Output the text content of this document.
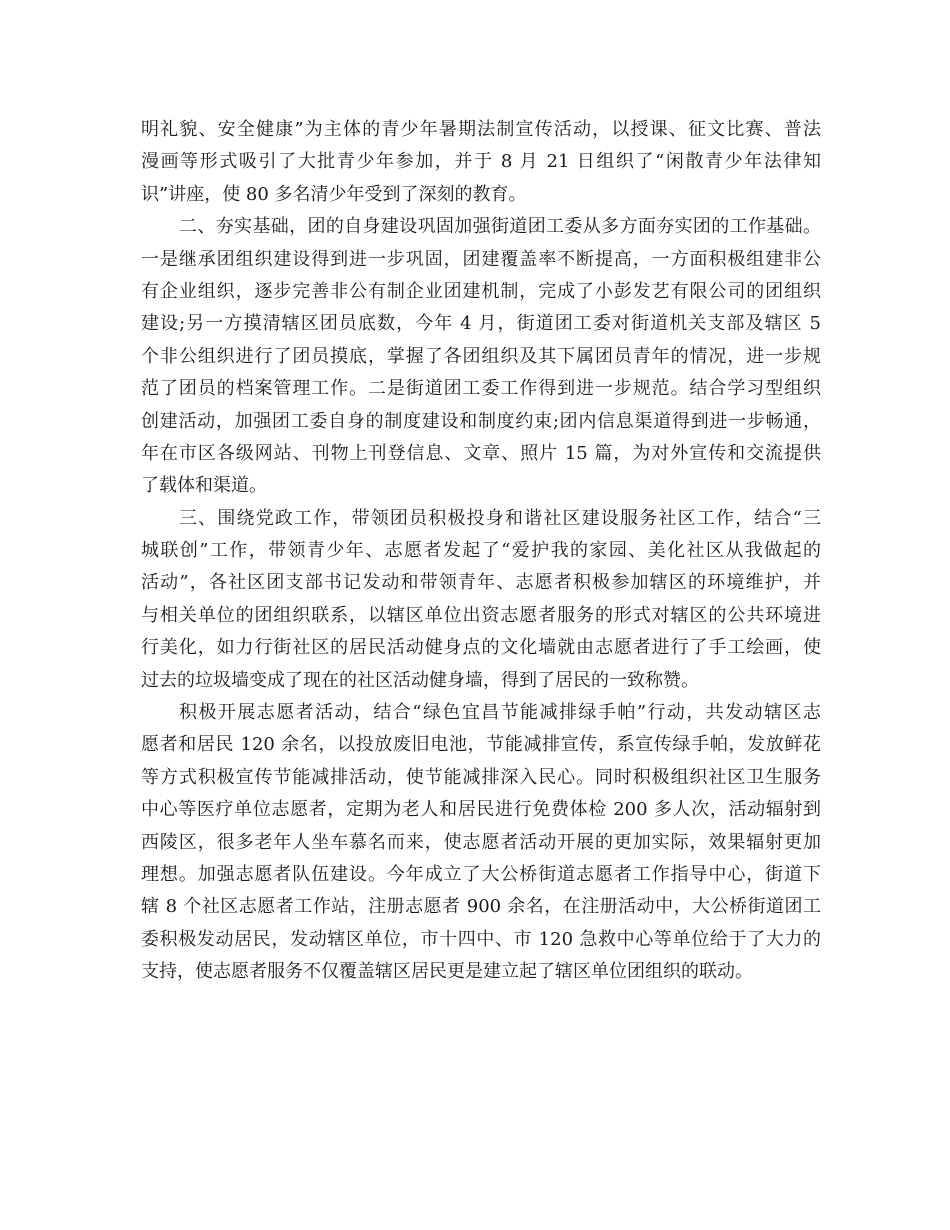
明礼貌、安全健康”为主体的青少年暑期法制宣传活动，以授课、征文比赛、普法
漫画等形式吸引了大批青少年参加，并于 8 月 21 日组织了“闲散青少年法律知
识”讲座，使 80 多名清少年受到了深刻的教育。
二、夯实基础，团的自身建设巩固加强街道团工委从多方面夯实团的工作基础。
一是继承团组织建设得到进一步巩固，团建覆盖率不断提高，一方面积极组建非公
有企业组织，逐步完善非公有制企业团建机制，完成了小彭发艺有限公司的团组织
建设;另一方摸清辖区团员底数，今年 4 月，街道团工委对街道机关支部及辖区 5
个非公组织进行了团员摸底，掌握了各团组织及其下属团员青年的情况，进一步规
范了团员的档案管理工作。二是街道团工委工作得到进一步规范。结合学习型组织
创建活动，加强团工委自身的制度建设和制度约束;团内信息渠道得到进一步畅通，
年在市区各级网站、刊物上刊登信息、文章、照片 15 篇，为对外宣传和交流提供
了载体和渠道。
三、围绕党政工作，带领团员积极投身和谐社区建设服务社区工作，结合“三
城联创”工作，带领青少年、志愿者发起了“爱护我的家园、美化社区从我做起的
活动”，各社区团支部书记发动和带领青年、志愿者积极参加辖区的环境维护，并
与相关单位的团组织联系，以辖区单位出资志愿者服务的形式对辖区的公共环境进
行美化，如力行街社区的居民活动健身点的文化墙就由志愿者进行了手工绘画，使
过去的垃圾墙变成了现在的社区活动健身墙，得到了居民的一致称赞。
积极开展志愿者活动，结合“绿色宜昌节能减排绿手帕”行动，共发动辖区志
愿者和居民 120 余名，以投放废旧电池，节能减排宣传，系宣传绿手帕，发放鲜花
等方式积极宣传节能减排活动，使节能减排深入民心。同时积极组织社区卫生服务
中心等医疗单位志愿者，定期为老人和居民进行免费体检 200 多人次，活动辐射到
西陵区，很多老年人坐车慕名而来，使志愿者活动开展的更加实际，效果辐射更加
理想。加强志愿者队伍建设。今年成立了大公桥街道志愿者工作指导中心，街道下
辖 8 个社区志愿者工作站，注册志愿者 900 余名，在注册活动中，大公桥街道团工
委积极发动居民，发动辖区单位，市十四中、市 120 急救中心等单位给于了大力的
支持，使志愿者服务不仅覆盖辖区居民更是建立起了辖区单位团组织的联动。
